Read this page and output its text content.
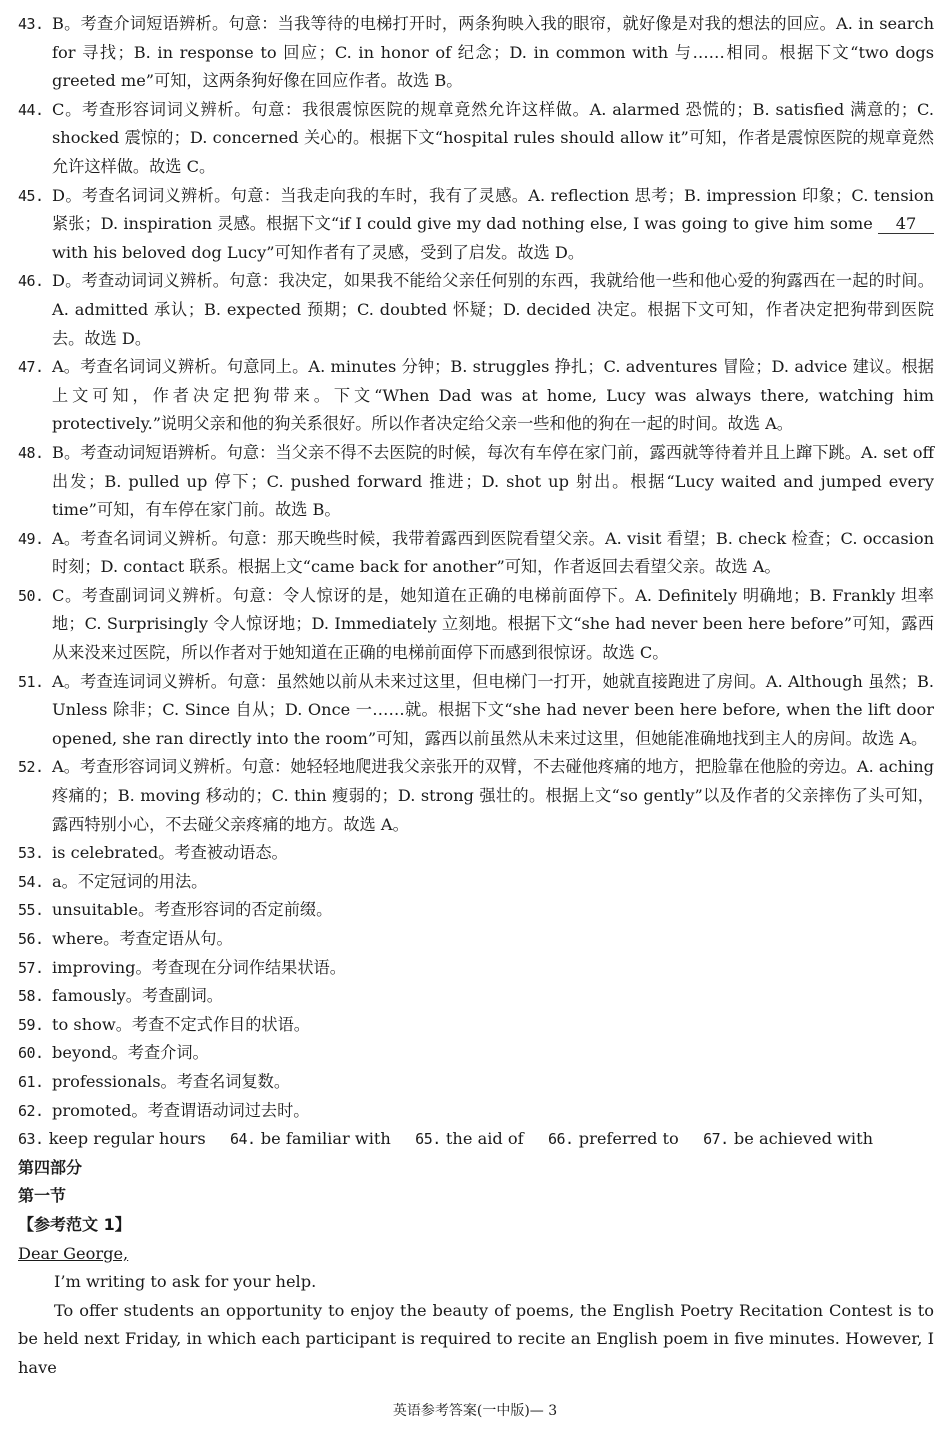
43. B。考查介词短语辨析。句意：当我等待的电梯打开时，两条狗映入我的眼帘，就好像是对我的想法的回应。A. in search for 寻找；B. in response to 回应；C. in honor of 纪念；D. in common with 与……相同。根据下文“two dogs greeted me”可知，这两条狗好像在回应作者。故选 B。
44. C。考查形容词词义辨析。句意：我很震惊医院的规章竟然允许这样做。A. alarmed 恐慌的；B. satisfied 满意的；C. shocked 震惊的；D. concerned 关心的。根据下文“hospital rules should allow it”可知，作者是震惊医院的规章竟然允许这样做。故选 C。
45. D。考查名词词义辨析。句意：当我走向我的车时，我有了灵感。A. reflection 思考；B. impression 印象；C. tension 紧张；D. inspiration 灵感。根据下文“if I could give my dad nothing else, I was going to give him some 47 with his beloved dog Lucy”可知作者有了灵感，受到了启发。故选 D。
46. D。考查动词词义辨析。句意：我决定，如果我不能给父亲任何别的东西，我就给他一些和他心爱的狗露西在一起的时间。A. admitted 承认；B. expected 预期；C. doubted 怀疑；D. decided 决定。根据下文可知，作者决定把狗带到医院去。故选 D。
47. A。考查名词词义辨析。句意同上。A. minutes 分钟；B. struggles 挣扎；C. adventures 冒险；D. advice 建议。根据上文可知，作者决定把狗带来。下文“When Dad was at home, Lucy was always there, watching him protectively.”说明父亲和他的狗关系很好。所以作者决定给父亲一些和他的狗在一起的时间。故选 A。
48. B。考查动词短语辨析。句意：当父亲不得不去医院的时候，每次有车停在家门前，露西就等待着并且上蹿下跳。A. set off 出发；B. pulled up 停下；C. pushed forward 推进；D. shot up 射出。根据“Lucy waited and jumped every time”可知，有车停在家门前。故选 B。
49. A。考查名词词义辨析。句意：那天晚些时候，我带着露西到医院看望父亲。A. visit 看望；B. check 检查；C. occasion 时刻；D. contact 联系。根据上文“came back for another”可知，作者返回去看望父亲。故选 A。
50. C。考查副词词义辨析。句意：令人惊讶的是，她知道在正确的电梯前面停下。A. Definitely 明确地；B. Frankly 坦率地；C. Surprisingly 令人惊讶地；D. Immediately 立刻地。根据下文“she had never been here before”可知，露西从来没来过医院，所以作者对于她知道在正确的电梯前面停下而感到很惊讶。故选 C。
51. A。考查连词词义辨析。句意：虽然她以前从未来过这里，但电梯门一打开，她就直接跑进了房间。A. Although 虽然；B. Unless 除非；C. Since 自从；D. Once 一……就。根据下文“she had never been here before, when the lift door opened, she ran directly into the room”可知，露西以前虽然从未来过这里，但她能准确地找到主人的房间。故选 A。
52. A。考查形容词词义辨析。句意：她轻轻地爬进我父亲张开的双臂，不去碰他疼痛的地方，把脸靠在他脸的旁边。A. aching 疼痛的；B. moving 移动的；C. thin 瘦弱的；D. strong 强壮的。根据上文“so gently”以及作者的父亲摔伤了头可知，露西特别小心，不去碰父亲疼痛的地方。故选 A。
53. is celebrated。考查被动语态。
54. a。不定冠词的用法。
55. unsuitable。考查形容词的否定前缀。
56. where。考查定语从句。
57. improving。考查现在分词作结果状语。
58. famously。考查副词。
59. to show。考查不定式作目的状语。
60. beyond。考查介词。
61. professionals。考查名词复数。
62. promoted。考查谓语动词过去时。
63. keep regular hours 64. be familiar with 65. the aid of 66. preferred to 67. be achieved with
第四部分
第一节
【参考范文 1】
Dear George,
I’m writing to ask for your help.
To offer students an opportunity to enjoy the beauty of poems, the English Poetry Recitation Contest is to be held next Friday, in which each participant is required to recite an English poem in five minutes. However, I have
英语参考答案(一中版)— 3
